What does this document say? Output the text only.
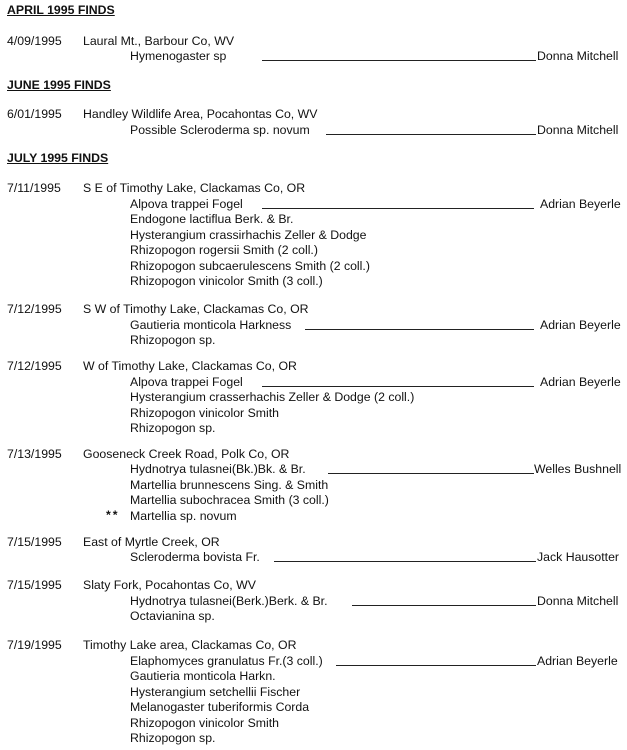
APRIL 1995 FINDS
4/09/1995 Laural Mt., Barbour Co, WV
Hymenogaster sp	Donna Mitchell
JUNE 1995 FINDS
6/01/1995 Handley Wildlife Area, Pocahontas Co, WV
Possible Scleroderma sp. novum	Donna Mitchell
JULY 1995 FINDS
7/11/1995 S E of Timothy Lake, Clackamas Co, OR
Alpova trappei Fogel	Adrian Beyerle
Endogone lactiflua Berk. & Br.
Hysterangium crassirhachis Zeller & Dodge
Rhizopogon rogersii Smith (2 coll.)
Rhizopogon subcaerulescens Smith (2 coll.)
Rhizopogon vinicolor Smith (3 coll.)
7/12/1995 S W of Timothy Lake, Clackamas Co, OR
Gautieria monticola Harkness	Adrian Beyerle
Rhizopogon sp.
7/12/1995 W of Timothy Lake, Clackamas Co, OR
Alpova trappei Fogel	Adrian Beyerle
Hysterangium crasserhachis Zeller & Dodge (2 coll.)
Rhizopogon vinicolor Smith
Rhizopogon sp.
7/13/1995 Gooseneck Creek Road, Polk Co, OR
Hydnotrya tulasnei(Bk.)Bk. & Br.	Welles Bushnell
Martellia brunnescens Sing. & Smith
Martellia subochracea Smith (3 coll.)
** Martellia sp. novum
7/15/1995 East of Myrtle Creek, OR
Scleroderma bovista Fr.	Jack Hausotter
7/15/1995 Slaty Fork, Pocahontas Co, WV
Hydnotrya tulasnei(Berk.)Berk. & Br.	Donna Mitchell
Octavianina sp.
7/19/1995 Timothy Lake area, Clackamas Co, OR
Elaphomyces granulatus Fr.(3 coll.)	Adrian Beyerle
Gautieria monticola Harkn.
Hysterangium setchellii Fischer
Melanogaster tuberiformis Corda
Rhizopogon vinicolor Smith
Rhizopogon sp.
